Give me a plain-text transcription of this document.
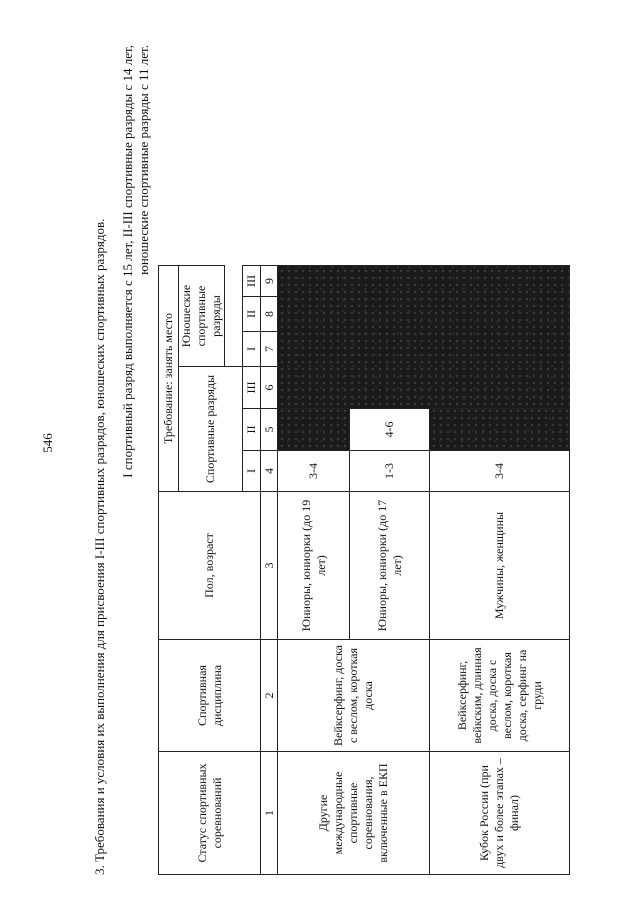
546	3. Требования и условия их выполнения для присвоения I-III спортивных разрядов, юношеских спортивных разрядов. I спортивный разряд выполняется с 15 лет, II-III спортивные разряды с 14 лет, юношеские спортивные разряды с 11 лет.
Статус спортивных соревнований	Спортивная дисциплина	Пол, возраст	Требование: занять место					
			Спортивные разряды			Юношеские спортивные разряды		

			I	II	III	I	II	III
1	2	3	4	5	6	7	8	9
Другие международные спортивные соревнования, включенные в ЕКП	Вейксерфинг, доска с веслом, короткая доска	Юниоры, юниорки (до 19 лет)	3-4					
		Юниоры, юниорки (до 17 лет)	1-3	4-6				
Кубок России (при двух и более этапах – финал)	Вейксерфинг, вейкским, длинная доска, доска с веслом, короткая доска, серфинг на груди	Мужчины, женщины	3-4					
